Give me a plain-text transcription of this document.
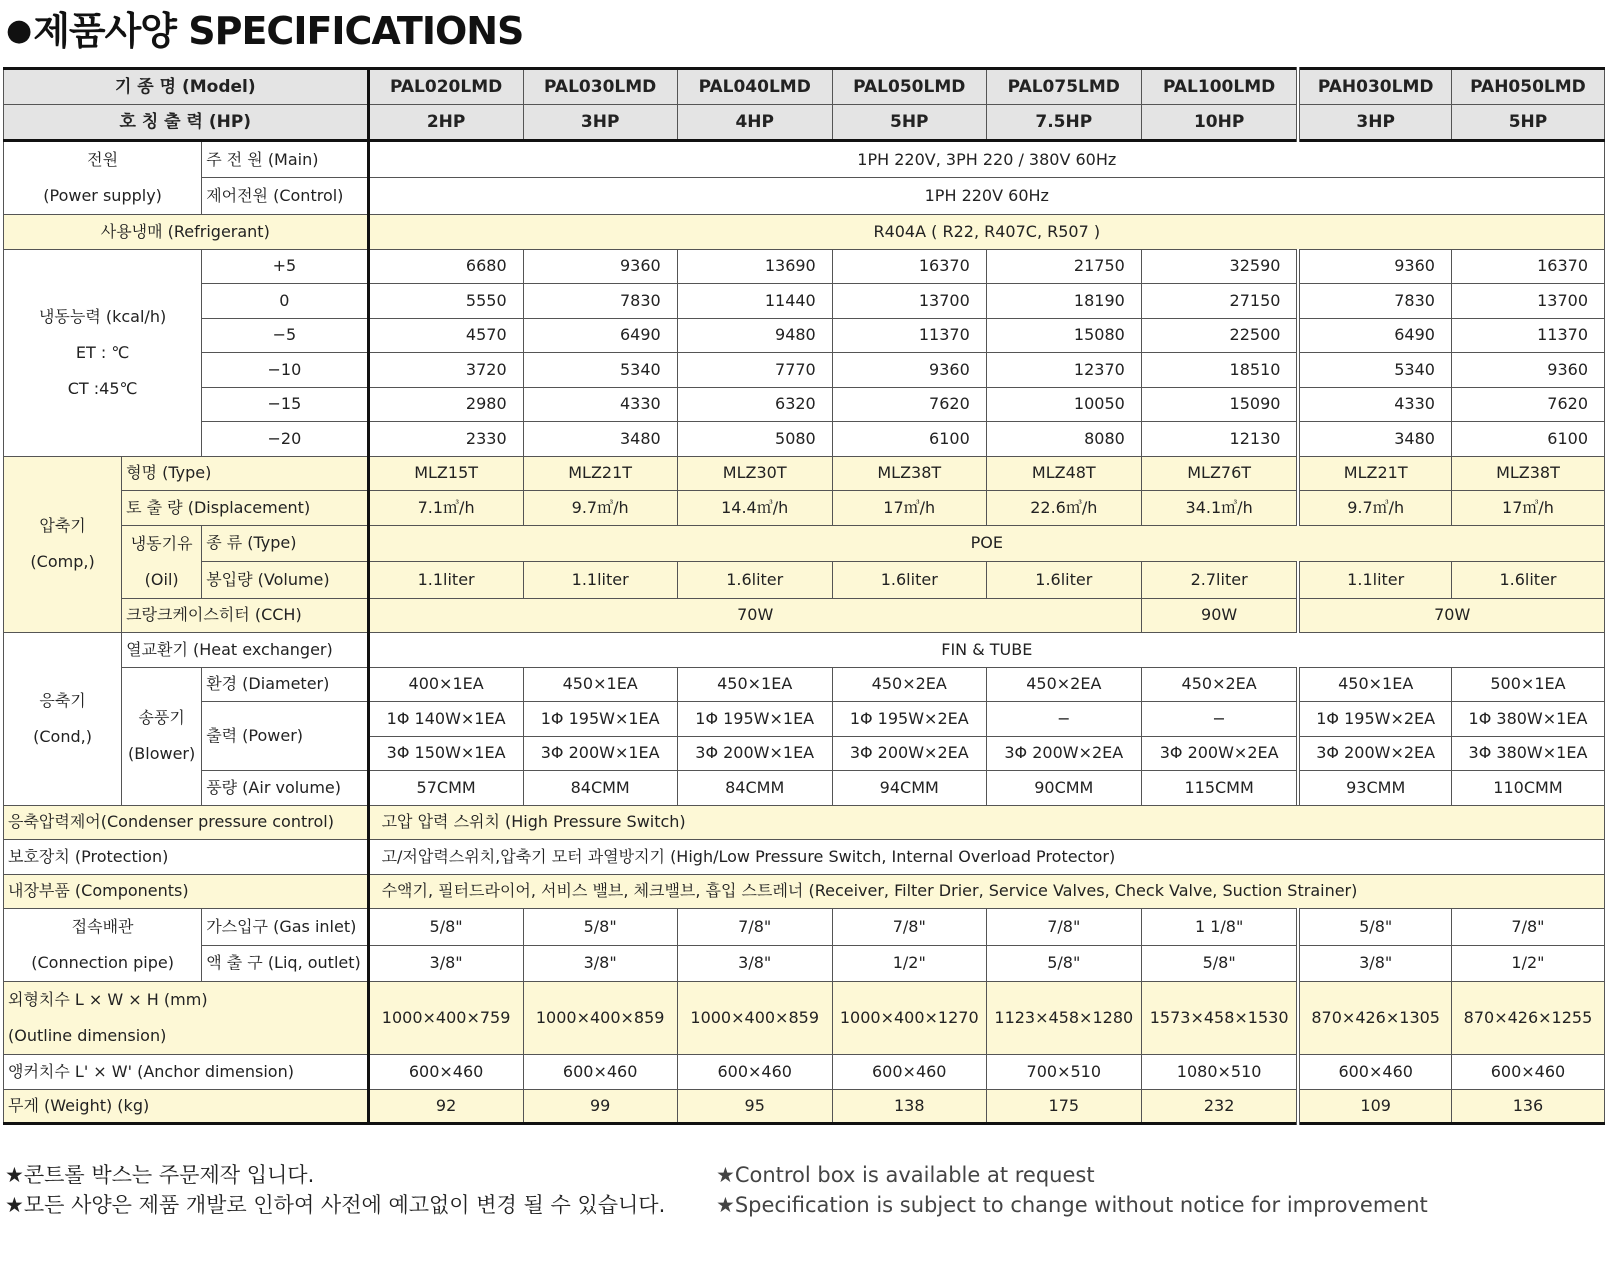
●제품사양 SPECIFICATIONS
기 종 명 (Model)			PAL020LMD	PAL030LMD	PAL040LMD	PAL050LMD	PAL075LMD	PAL100LMD	PAH030LMD	PAH050LMD
호 칭 출 력 (HP)			2HP	3HP	4HP	5HP	7.5HP	10HP	3HP	5HP
전원
(Power supply)		주 전 원 (Main)	1PH 220V, 3PH 220 / 380V 60Hz							
		제어전원 (Control)	1PH 220V 60Hz							
사용냉매 (Refrigerant)			R404A ( R22, R407C, R507 )							
냉동능력 (kcal/h)
ET : ℃
CT :45℃		+5	6680	9360	13690	16370	21750	32590	9360	16370
		0	5550	7830	11440	13700	18190	27150	7830	13700
		−5	4570	6490	9480	11370	15080	22500	6490	11370
		−10	3720	5340	7770	9360	12370	18510	5340	9360
		−15	2980	4330	6320	7620	10050	15090	4330	7620
		−20	2330	3480	5080	6100	8080	12130	3480	6100
압축기
(Comp,)	형명 (Type)		MLZ15T	MLZ21T	MLZ30T	MLZ38T	MLZ48T	MLZ76T	MLZ21T	MLZ38T
	토 출 량 (Displacement)		7.1㎥/h	9.7㎥/h	14.4㎥/h	17㎥/h	22.6㎥/h	34.1㎥/h	9.7㎥/h	17㎥/h
	냉동기유
(Oil)	종 류 (Type)	POE							
		봉입량 (Volume)	1.1liter	1.1liter	1.6liter	1.6liter	1.6liter	2.7liter	1.1liter	1.6liter
	크랑크케이스히터 (CCH)		70W					90W	70W	
응축기
(Cond,)	열교환기 (Heat exchanger)		FIN & TUBE							
	송풍기
(Blower)	환경 (Diameter)	400×1EA	450×1EA	450×1EA	450×2EA	450×2EA	450×2EA	450×1EA	500×1EA
		출력 (Power)	1Φ 140W×1EA	1Φ 195W×1EA	1Φ 195W×1EA	1Φ 195W×2EA	−	−	1Φ 195W×2EA	1Φ 380W×1EA
			3Φ 150W×1EA	3Φ 200W×1EA	3Φ 200W×1EA	3Φ 200W×2EA	3Φ 200W×2EA	3Φ 200W×2EA	3Φ 200W×2EA	3Φ 380W×1EA
		풍량 (Air volume)	57CMM	84CMM	84CMM	94CMM	90CMM	115CMM	93CMM	110CMM

응축압력제어(Condenser pressure control)			고압 압력 스위치 (High Pressure Switch)							
보호장치 (Protection)			고/저압력스위치,압축기 모터 과열방지기 (High/Low Pressure Switch, Internal Overload Protector)							
내장부품 (Components)			수액기, 필터드라이어, 서비스 밸브, 체크밸브, 흡입 스트레너 (Receiver, Filter Drier, Service Valves, Check Valve, Suction Strainer)							
접속배관
(Connection pipe)		가스입구 (Gas inlet)	5/8"	5/8"	7/8"	7/8"	7/8"	1 1/8"	5/8"	7/8"
		액 출 구 (Liq, outlet)	3/8"	3/8"	3/8"	1/2"	5/8"	5/8"	3/8"	1/2"
외형치수 L × W × H (mm)
(Outline dimension)			1000×400×759	1000×400×859	1000×400×859	1000×400×1270	1123×458×1280	1573×458×1530	870×426×1305	870×426×1255
앵커치수 L' × W' (Anchor dimension)			600×460	600×460	600×460	600×460	700×510	1080×510	600×460	600×460
무게 (Weight) (kg)			92	99	95	138	175	232	109	136
★콘트롤 박스는 주문제작 입니다.
★모든 사양은 제품 개발로 인하여 사전에 예고없이 변경 될 수 있습니다.
★Control box is available at request
★Specification is subject to change without notice for improvement
